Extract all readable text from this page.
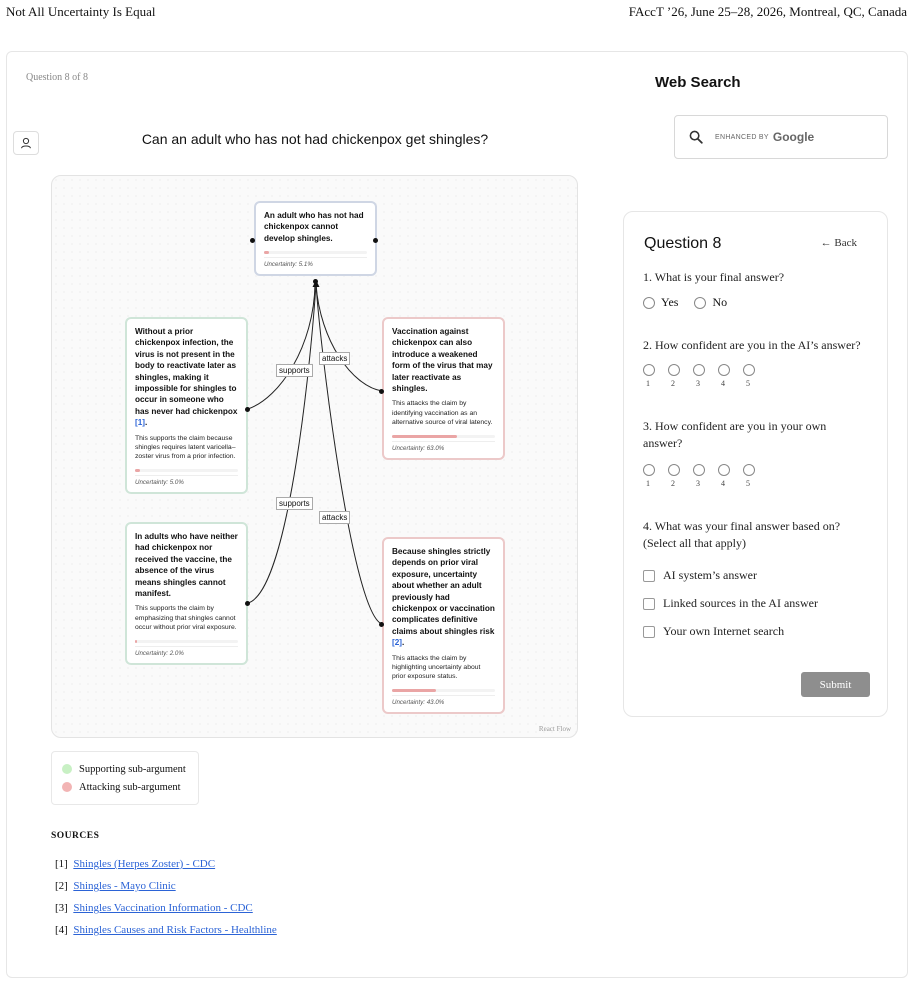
Not All Uncertainty Is Equal	FAccT ’26, June 25–28, 2026, Montreal, QC, Canada
Question 8 of 8
Can an adult who has not had chickenpox get shingles?
An adult who has not had chickenpox cannot develop shingles.
Uncertainty: 5.1%
Without a prior chickenpox infection, the virus is not present in the body to reactivate later as shingles, making it impossible for shingles to occur in someone who has never had chickenpox [1].
This supports the claim because shingles requires latent varicella–zoster virus from a prior infection.
Uncertainty: 5.0%
Vaccination against chickenpox can also introduce a weakened form of the virus that may later reactivate as shingles.
This attacks the claim by identifying vaccination as an alternative source of viral latency.
Uncertainty: 63.0%
In adults who have neither had chickenpox nor received the vaccine, the absence of the virus means shingles cannot manifest.
This supports the claim by emphasizing that shingles cannot occur without prior viral exposure.
Uncertainty: 2.0%
Because shingles strictly depends on prior viral exposure, uncertainty about whether an adult previously had chickenpox or vaccination complicates definitive claims about shingles risk [2].
This attacks the claim by highlighting uncertainty about prior exposure status.
Uncertainty: 43.0%
supports
attacks
supports
attacks
React Flow
Supporting sub-argument
Attacking sub-argument
SOURCES
[1] Shingles (Herpes Zoster) - CDC
[2] Shingles - Mayo Clinic
[3] Shingles Vaccination Information - CDC
[4] Shingles Causes and Risk Factors - Healthline
Web Search
ENHANCED BY Google
Question 8	← Back
1. What is your final answer?
Yes	No
2. How confident are you in the AI’s answer?
1	2	3	4	5
3. How confident are you in your own answer?
1	2	3	4	5
4. What was your final answer based on? (Select all that apply)
AI system’s answer
Linked sources in the AI answer
Your own Internet search
Submit
